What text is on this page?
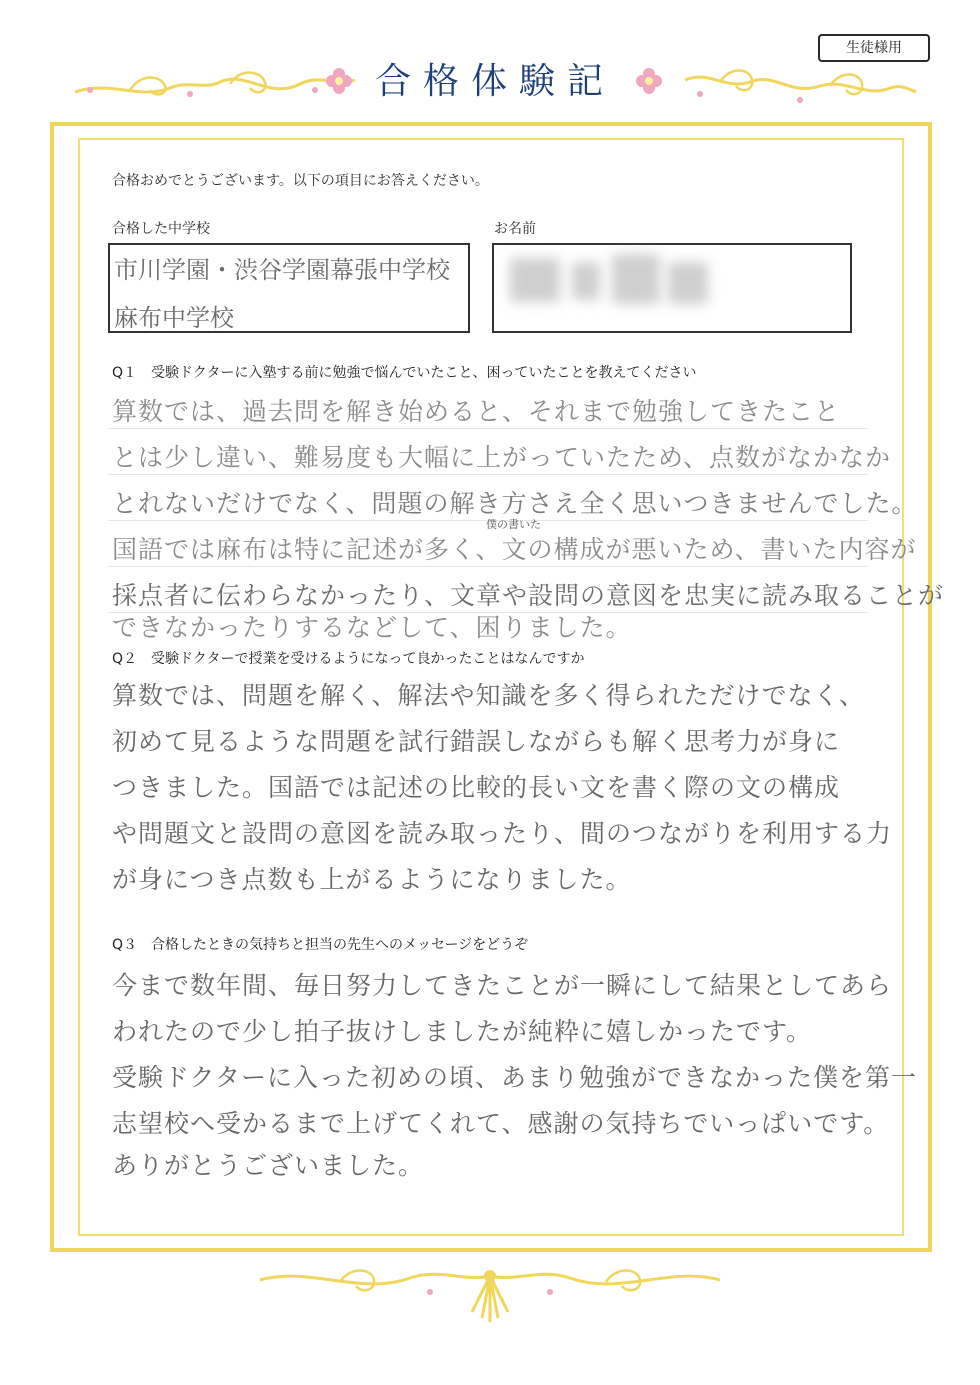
生徒様用
合格体験記
合格おめでとうございます。以下の項目にお答えください。
合格した中学校
市川学園・渋谷学園幕張中学校
麻布中学校
お名前
Q１　受験ドクターに入塾する前に勉強で悩んでいたこと、困っていたことを教えてください
算数では、過去問を解き始めると、それまで勉強してきたこと
とは少し違い、難易度も大幅に上がっていたため、点数がなかなか
とれないだけでなく、問題の解き方さえ全く思いつきませんでした。
僕の書いた
国語では麻布は特に記述が多く、文の構成が悪いため、書いた内容が
採点者に伝わらなかったり、文章や設問の意図を忠実に読み取ることが
できなかったりするなどして、困りました。
Q２　受験ドクターで授業を受けるようになって良かったことはなんですか
算数では、問題を解く、解法や知識を多く得られただけでなく、
初めて見るような問題を試行錯誤しながらも解く思考力が身に
つきました。国語では記述の比較的長い文を書く際の文の構成
や問題文と設問の意図を読み取ったり、間のつながりを利用する力
が身につき点数も上がるようになりました。
Q３　合格したときの気持ちと担当の先生へのメッセージをどうぞ
今まで数年間、毎日努力してきたことが一瞬にして結果としてあら
われたので少し拍子抜けしましたが純粋に嬉しかったです。
受験ドクターに入った初めの頃、あまり勉強ができなかった僕を第一
志望校へ受かるまで上げてくれて、感謝の気持ちでいっぱいです。
ありがとうございました。
